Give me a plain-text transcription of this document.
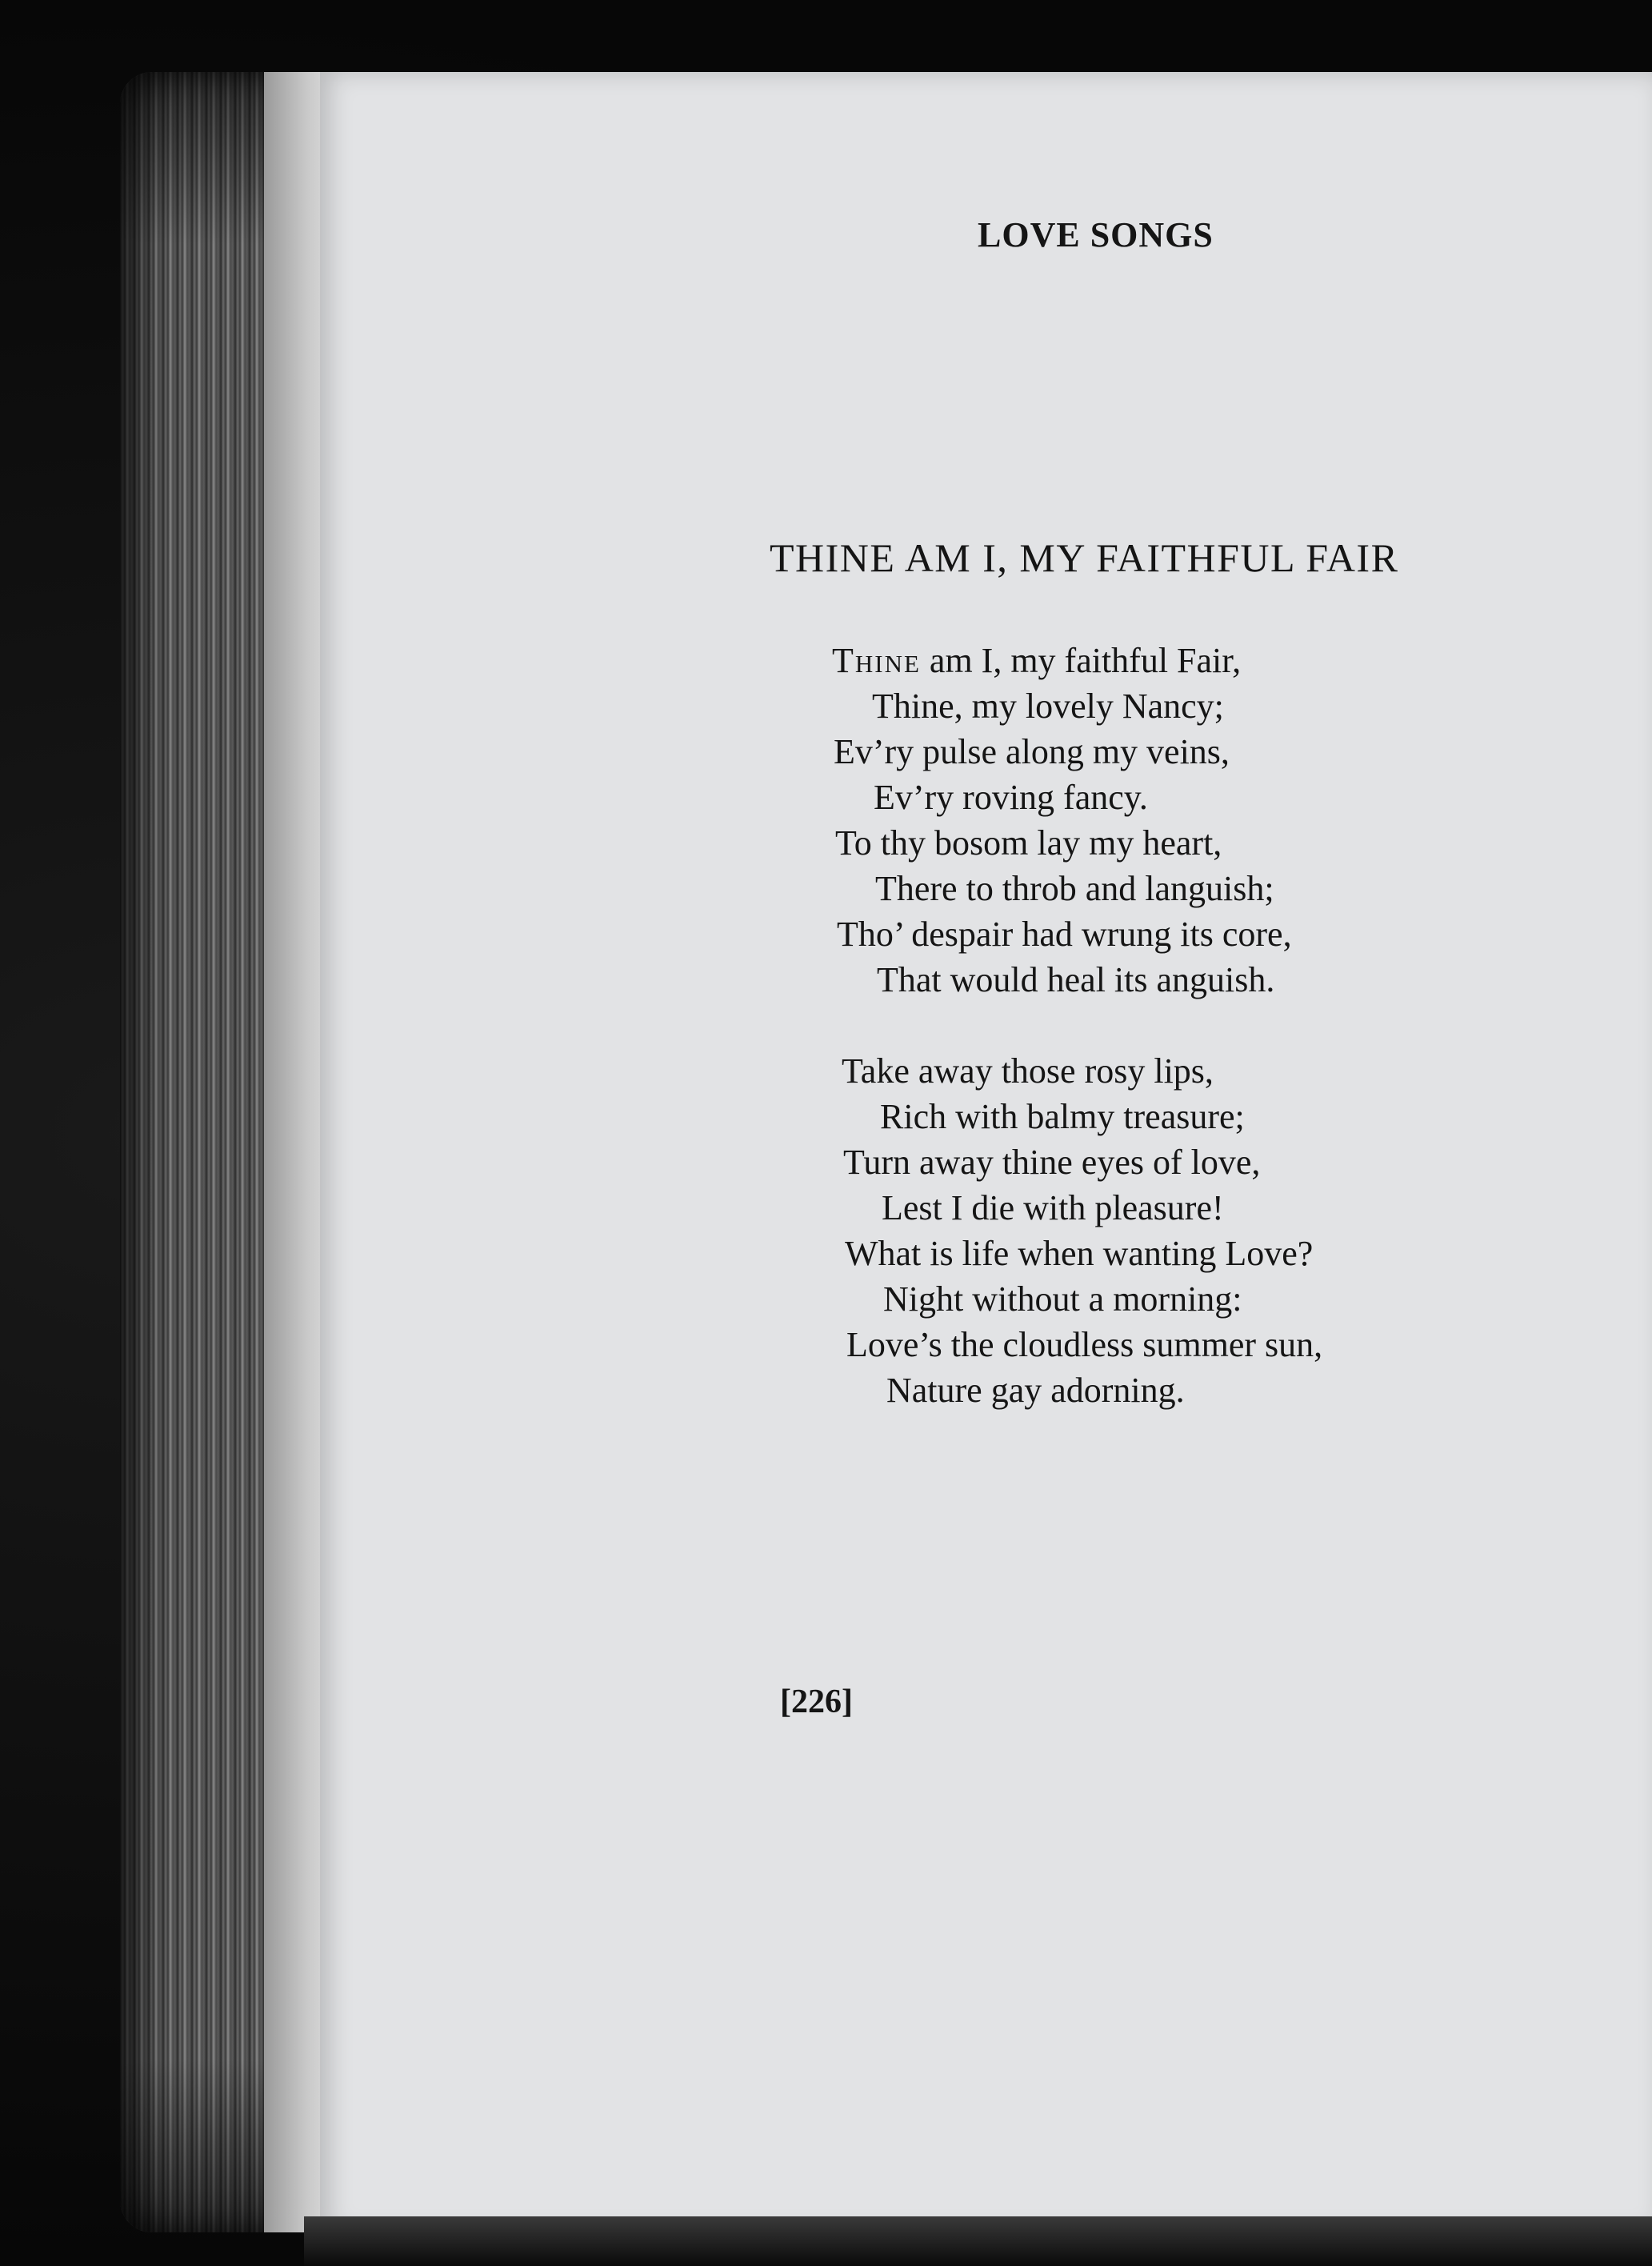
LOVE SONGS

THINE AM I, MY FAITHFUL FAIR

Thine am I, my faithful Fair,

Thine, my lovely Nancy;

Ev’ry pulse along my veins,

Ev’ry roving fancy.

To thy bosom lay my heart,

There to throb and languish;

Tho’ despair had wrung its core,

That would heal its anguish.

Take away those rosy lips,

Rich with balmy treasure;

Turn away thine eyes of love,

Lest I die with pleasure!

What is life when wanting Love?

Night without a morning:

Love’s the cloudless summer sun,

Nature gay adorning.

[226]
